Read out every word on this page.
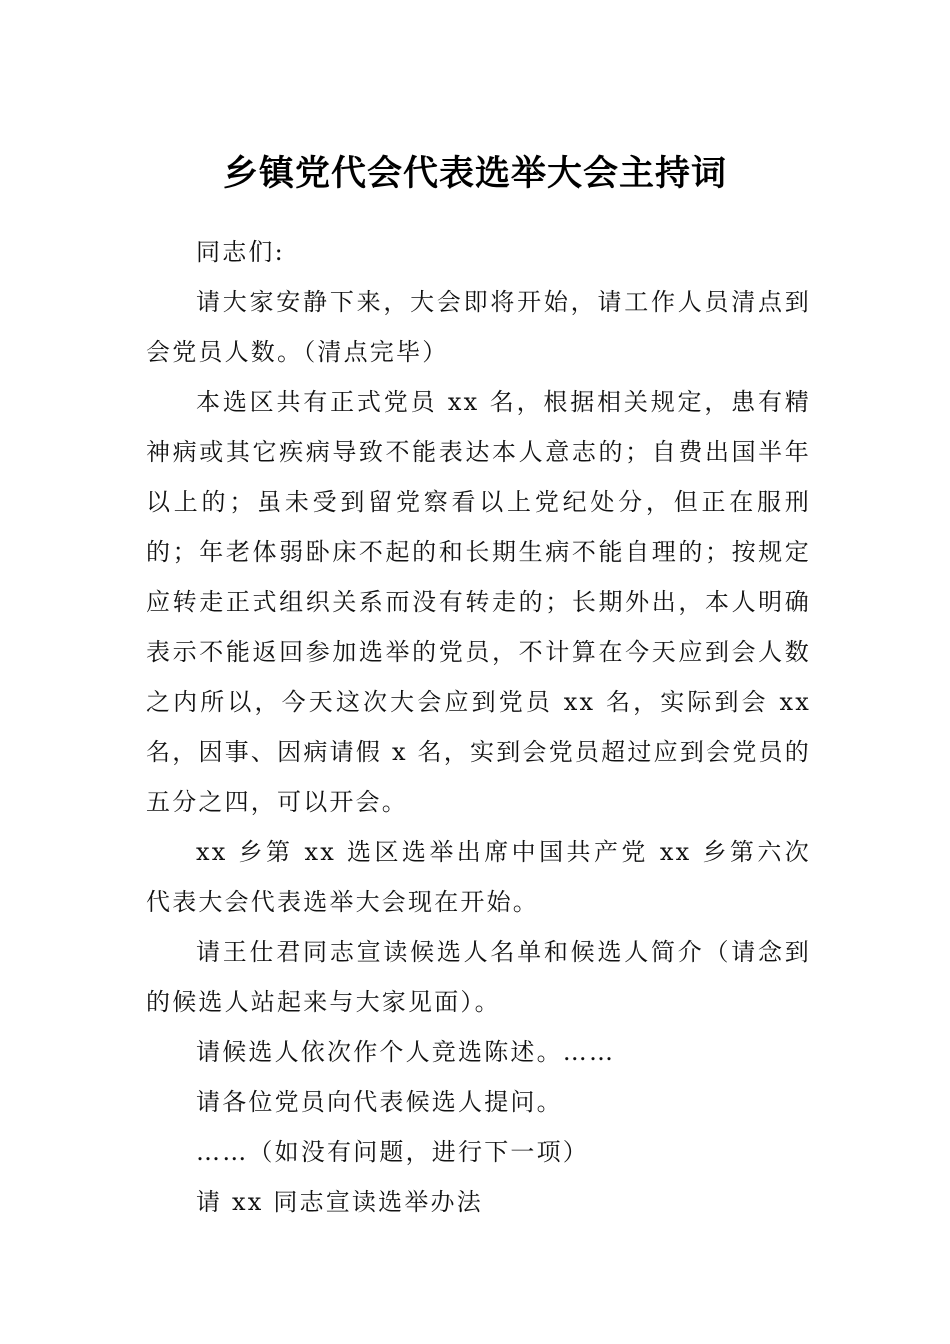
乡镇党代会代表选举大会主持词

同志们:

请大家安静下来，大会即将开始，请工作人员清点到会党员人数。（清点完毕）

本选区共有正式党员 xx 名，根据相关规定，患有精神病或其它疾病导致不能表达本人意志的；自费出国半年以上的；虽未受到留党察看以上党纪处分，但正在服刑的；年老体弱卧床不起的和长期生病不能自理的；按规定应转走正式组织关系而没有转走的；长期外出，本人明确表示不能返回参加选举的党员，不计算在今天应到会人数之内所以，今天这次大会应到党员 xx 名，实际到会 xx 名，因事、因病请假 x 名，实到会党员超过应到会党员的五分之四，可以开会。

xx 乡第 xx 选区选举出席中国共产党 xx 乡第六次代表大会代表选举大会现在开始。

请王仕君同志宣读候选人名单和候选人简介（请念到的候选人站起来与大家见面）。

请候选人依次作个人竞选陈述。……

请各位党员向代表候选人提问。

……（如没有问题，进行下一项）

请 xx 同志宣读选举办法
